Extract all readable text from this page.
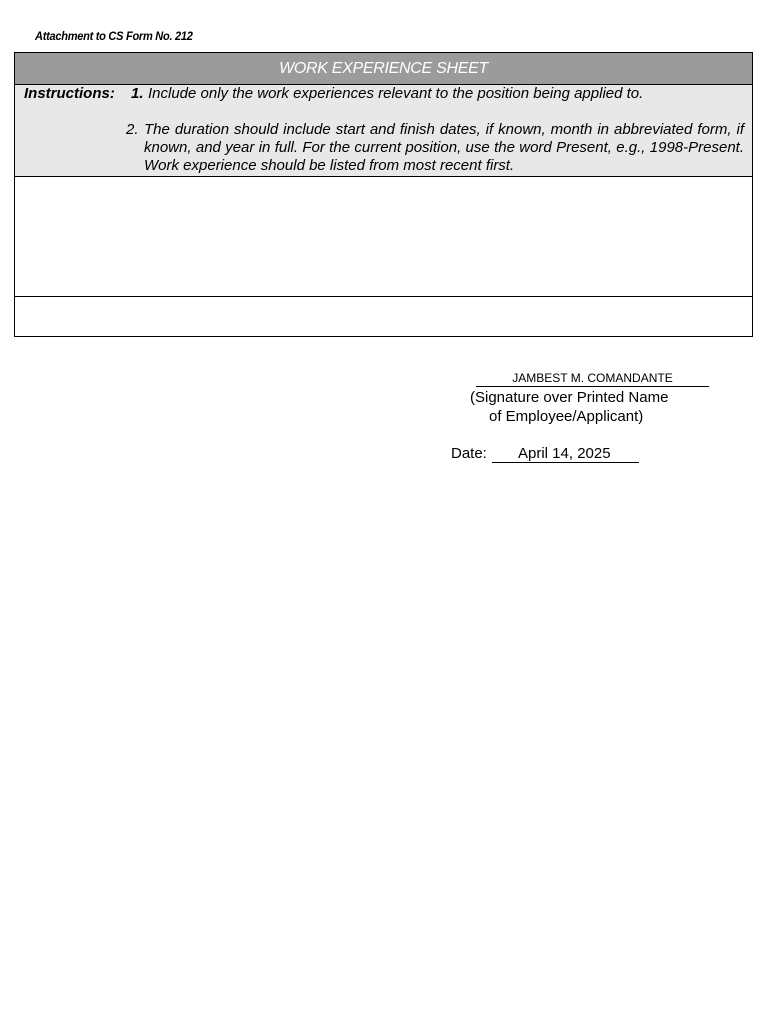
Attachment to CS Form No. 212
WORK EXPERIENCE SHEET
Instructions: 1. Include only the work experiences relevant to the position being applied to.
2. The duration should include start and finish dates, if known, month in abbreviated form, if known, and year in full. For the current position, use the word Present, e.g., 1998-Present. Work experience should be listed from most recent first.
JAMBEST M. COMANDANTE
(Signature over Printed Name
of Employee/Applicant)
Date:	April 14, 2025
